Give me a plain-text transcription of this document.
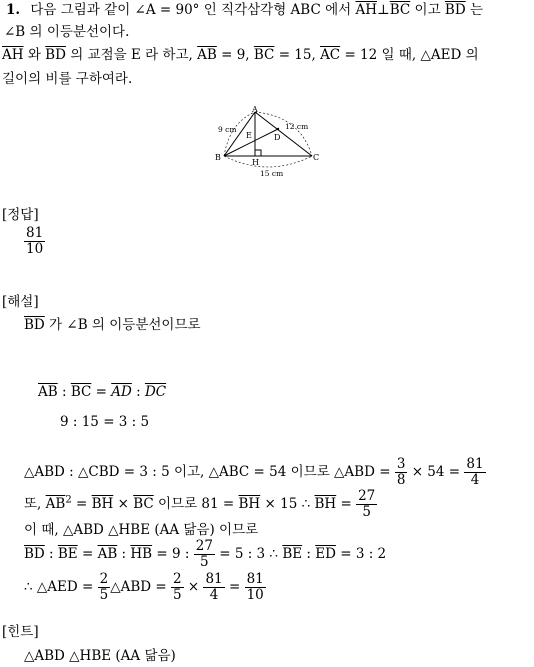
1. 다음 그림과 같이 ∠A = 90° 인 직각삼각형 ABC 에서 $\overline{AH}\perp\overline{BC}$ 이고 $\overline{BD}$ 는
∠B 의 이등분선이다.
$\overline{AH}$ 와 $\overline{BD}$ 의 교점을 E 라 하고, $\overline{AB} = 9$, $\overline{BC} = 15$, $\overline{AC} = 12$ 일 때, △AED 의
길이의 비를 구하여라.
A
B	C
D
E
H
9 cm	12 cm
15 cm
[정답]
$\frac{81}{10}$
[해설]
$\overline{BD}$ 가 ∠B 의 이등분선이므로
$\overline{AB}$ : $\overline{BC} = \overline{AD}$ : $\overline{DC}$
9 : 15 = 3 : 5
△ABD : △CBD = 3 : 5 이고, △ABC = 54 이므로 △ABD = $\frac{3}{8} \times 54 = \frac{81}{4}$
또, $\overline{AB}^2 = \overline{BH} \times \overline{BC}$ 이므로 $81 = \overline{BH} \times 15$ ∴ $\overline{BH} = \frac{27}{5}$
이 때, △ABD △HBE (AA 닮음) 이므로
$\overline{BD}$ : $\overline{BE} = \overline{AB}$ : $\overline{HB} = 9$ : $\frac{27}{5} = 5$ : 3 ∴ $\overline{BE}$ : $\overline{ED} = 3$ : 2
∴ △AED = $\frac{2}{5}$ △ABD = $\frac{2}{5} \times \frac{81}{4} = \frac{81}{10}$
[힌트]
△ABD △HBE (AA 닮음)
